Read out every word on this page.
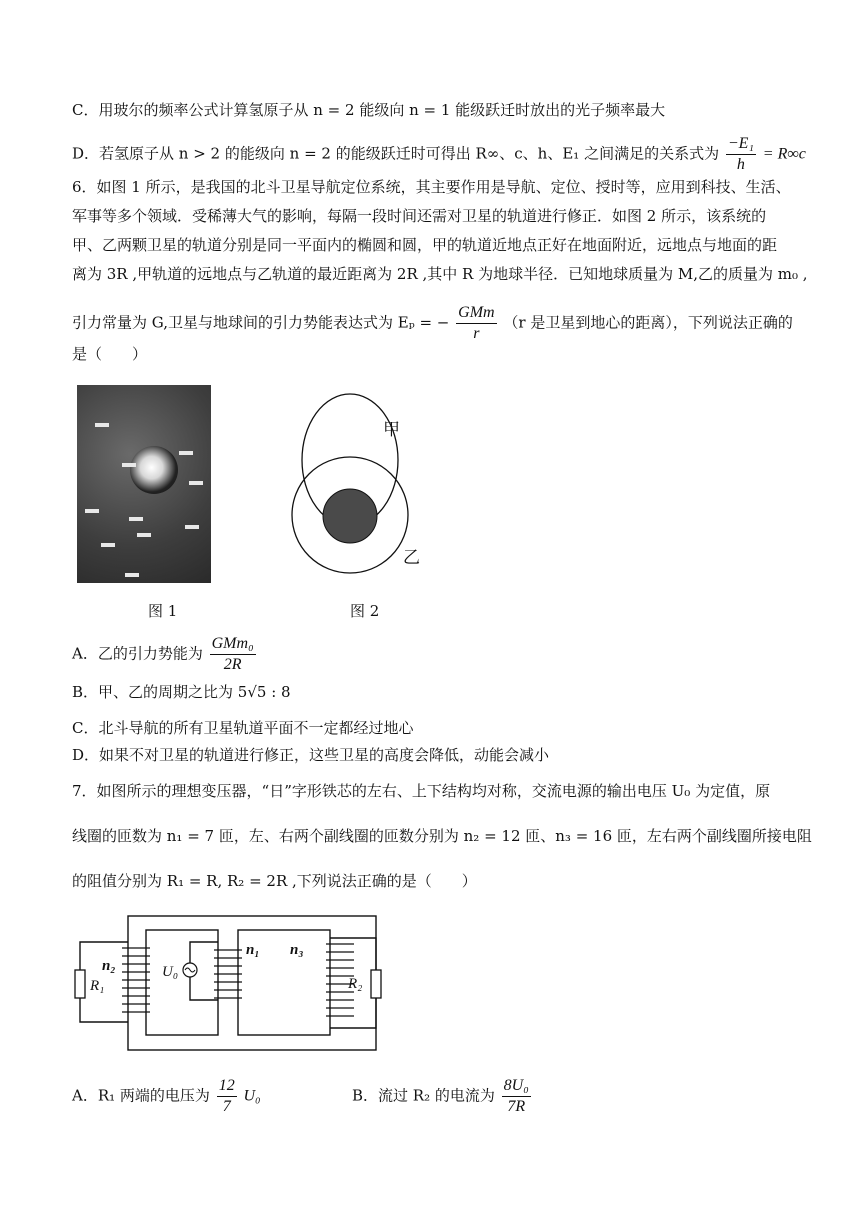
C．用玻尔的频率公式计算氢原子从 n = 2 能级向 n = 1 能级跃迁时放出的光子频率最大
D．若氢原子从 n > 2 的能级向 n = 2 的能级跃迁时可得出 R∞、c、h、E₁ 之间满足的关系式为 $\frac{\text{−E₁}}{h} = R\infty c$
6．如图 1 所示，是我国的北斗卫星导航定位系统，其主要作用是导航、定位、授时等，应用到科技、生活、
军事等多个领域．受稀薄大气的影响，每隔一段时间还需对卫星的轨道进行修正．如图 2 所示，该系统的
甲、乙两颗卫星的轨道分别是同一平面内的椭圆和圆，甲的轨道近地点正好在地面附近，远地点与地面的距
离为 3R ,甲轨道的远地点与乙轨道的最近距离为 2R ,其中 R 为地球半径．已知地球质量为 M,乙的质量为 m₀ ,
引力常量为 G,卫星与地球间的引力势能表达式为 Eₚ = − $\frac{\text{GMm}}{r} (r$ 是卫星到地心的距离），下列说法正确的
是（　　）
图 1
甲
乙
图 2
A．乙的引力势能为 $\frac{\text{GMm₀}}{2R}$
B．甲、乙的周期之比为 5√5 : 8
C．北斗导航的所有卫星轨道平面不一定都经过地心
D．如果不对卫星的轨道进行修正，这些卫星的高度会降低，动能会减小
7．如图所示的理想变压器，“日”字形铁芯的左右、上下结构均对称，交流电源的输出电压 U₀ 为定值，原
线圈的匝数为 n₁ = 7 匝，左、右两个副线圈的匝数分别为 n₂ = 12 匝、n₃ = 16 匝，左右两个副线圈所接电阻
的阻值分别为 R₁ = R, R₂ = 2R ,下列说法正确的是（　　）
n₂
R₁
U₀
n₁ n₃
R₂
A．R₁ 两端的电压为 $\frac{12}{7} U_0$	B．流过 R₂ 的电流为 $\frac{\text{8U₀}}{7R}$
